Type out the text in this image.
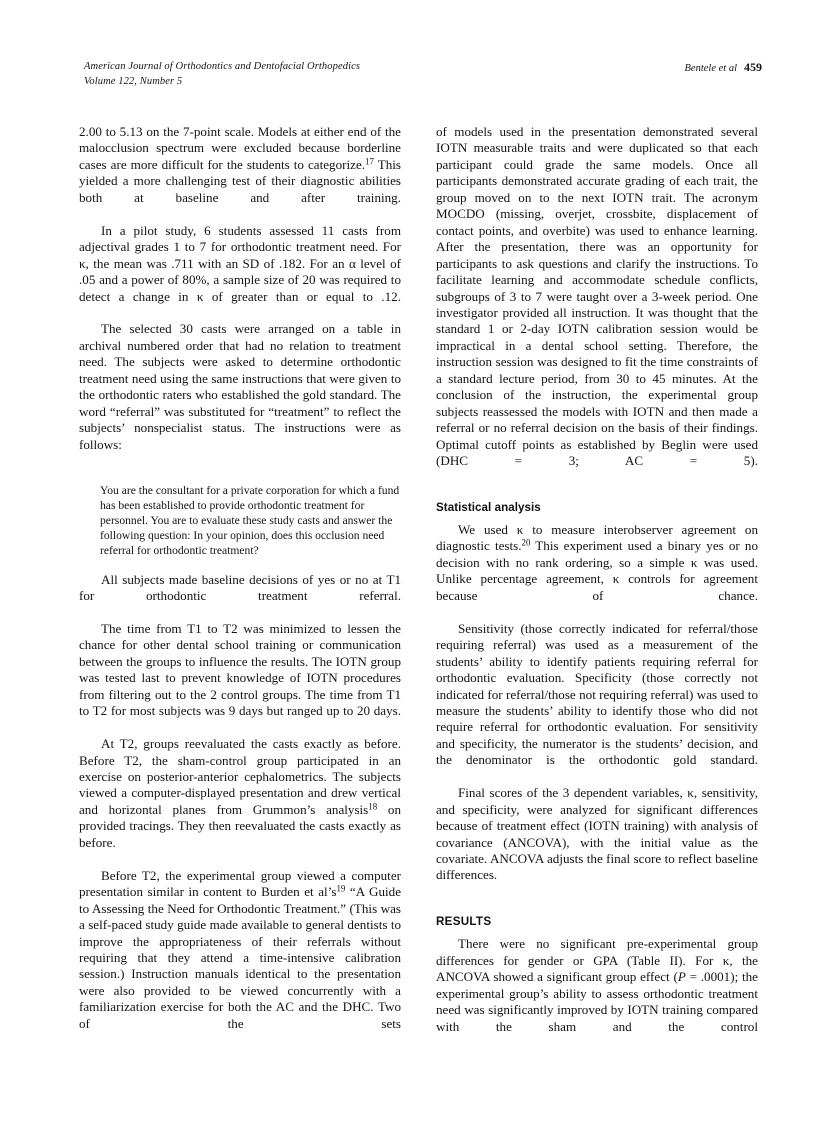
American Journal of Orthodontics and Dentofacial Orthopedics
Volume 122, Number 5
Bentele et al 459

2.00 to 5.13 on the 7-point scale. Models at either end of the malocclusion spectrum were excluded because borderline cases are more difficult for the students to categorize.$^{17}$ This yielded a more challenging test of their diagnostic abilities both at baseline and after training.

In a pilot study, 6 students assessed 11 casts from adjectival grades 1 to 7 for orthodontic treatment need. For κ, the mean was .711 with an SD of .182. For an α level of .05 and a power of 80%, a sample size of 20 was required to detect a change in κ of greater than or equal to .12.

The selected 30 casts were arranged on a table in archival numbered order that had no relation to treatment need. The subjects were asked to determine orthodontic treatment need using the same instructions that were given to the orthodontic raters who established the gold standard. The word “referral” was substituted for “treatment” to reflect the subjects’ nonspecialist status. The instructions were as follows:

You are the consultant for a private corporation for which a fund has been established to provide orthodontic treatment for personnel. You are to evaluate these study casts and answer the following question: In your opinion, does this occlusion need referral for orthodontic treatment?

All subjects made baseline decisions of yes or no at T1 for orthodontic treatment referral.

The time from T1 to T2 was minimized to lessen the chance for other dental school training or communication between the groups to influence the results. The IOTN group was tested last to prevent knowledge of IOTN procedures from filtering out to the 2 control groups. The time from T1 to T2 for most subjects was 9 days but ranged up to 20 days.

At T2, groups reevaluated the casts exactly as before. Before T2, the sham-control group participated in an exercise on posterior-anterior cephalometrics. The subjects viewed a computer-displayed presentation and drew vertical and horizontal planes from Grummon’s analysis$^{18}$ on provided tracings. They then reevaluated the casts exactly as before.

Before T2, the experimental group viewed a computer presentation similar in content to Burden et $al’s^{19}$ “A Guide to Assessing the Need for Orthodontic Treatment.” (This was a self-paced study guide made available to general dentists to improve the appropriateness of their referrals without requiring that they attend a time-intensive calibration session.) Instruction manuals identical to the presentation were also provided to be viewed concurrently with a familiarization exercise for both the AC and the DHC. Two of the sets

of models used in the presentation demonstrated several IOTN measurable traits and were duplicated so that each participant could grade the same models. Once all participants demonstrated accurate grading of each trait, the group moved on to the next IOTN trait. The acronym MOCDO (missing, overjet, crossbite, displacement of contact points, and overbite) was used to enhance learning. After the presentation, there was an opportunity for participants to ask questions and clarify the instructions. To facilitate learning and accommodate schedule conflicts, subgroups of 3 to 7 were taught over a 3-week period. One investigator provided all instruction. It was thought that the standard 1 or 2-day IOTN calibration session would be impractical in a dental school setting. Therefore, the instruction session was designed to fit the time constraints of a standard lecture period, from 30 to 45 minutes. At the conclusion of the instruction, the experimental group subjects reassessed the models with IOTN and then made a referral or no referral decision on the basis of their findings. Optimal cutoff points as established by Beglin were used (DHC = 3; AC = 5).

Statistical analysis

We used κ to measure interobserver agreement on diagnostic tests.$^{20}$ This experiment used a binary yes or no decision with no rank ordering, so a simple κ was used. Unlike percentage agreement, κ controls for agreement because of chance.

Sensitivity (those correctly indicated for referral/those requiring referral) was used as a measurement of the students’ ability to identify patients requiring referral for orthodontic evaluation. Specificity (those correctly not indicated for referral/those not requiring referral) was used to measure the students’ ability to identify those who did not require referral for orthodontic evaluation. For sensitivity and specificity, the numerator is the students’ decision, and the denominator is the orthodontic gold standard.

Final scores of the 3 dependent variables, κ, sensitivity, and specificity, were analyzed for significant differences because of treatment effect (IOTN training) with analysis of covariance (ANCOVA), with the initial value as the covariate. ANCOVA adjusts the final score to reflect baseline differences.

RESULTS

There were no significant pre-experimental group differences for gender or GPA (Table II). For κ, the ANCOVA showed a significant group effect (P = .0001); the experimental group’s ability to assess orthodontic treatment need was significantly improved by IOTN training compared with the sham and the control
